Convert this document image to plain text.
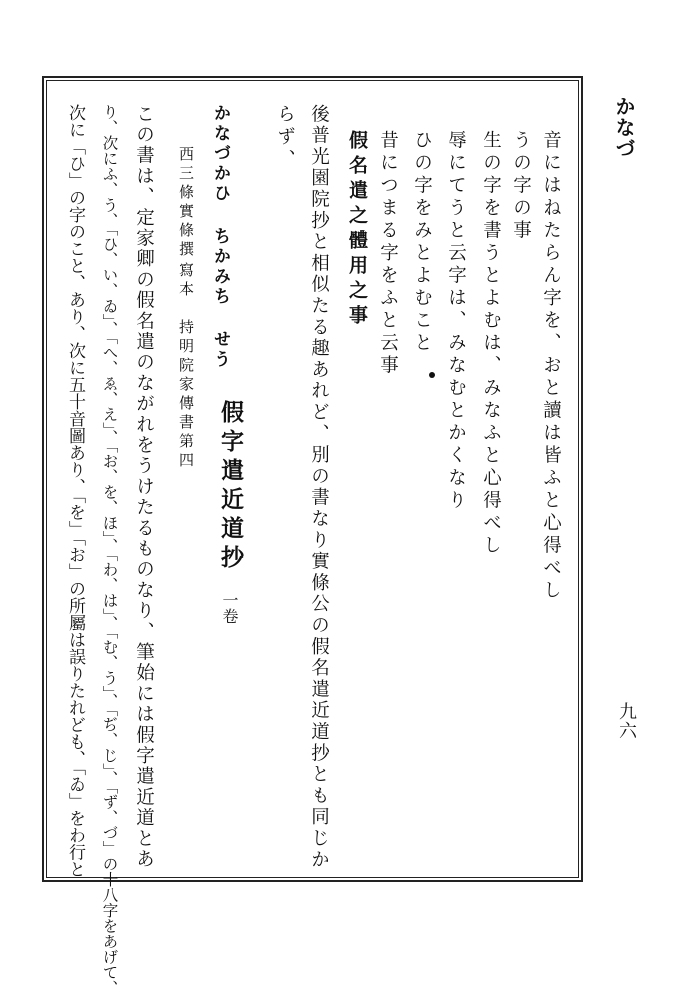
かなづ
九六
音にはねたらん字を、おと讀は皆ふと心得べし
うの字の事
生の字を書うとよむは、みなふと心得べし
辱にてうと云字は、みなむとかくなり
ひの字をみとよむこと
昔につまる字をふと云事
假名遣之體用之事
後普光園院抄と相似たる趣あれど、別の書なり實條公の假名遣近道抄とも同じか
らず、
假字遣近道抄
一卷
かなづかひ ちかみち せう
西三條實條撰
寫本　持明院家傳書第四
この書は、定家卿の假名遣のながれをうけたるものなり、筆始には假字遣近道とあ
り、次にふ、う、「ひ、い、ゐ」、「へ、ゑ、え」、「お、を、ほ」、「わ、は」、「む、う」、「ぢ、じ」、「ず、づ」の十八字をあげて、
次に「ひ」の字のこと、あり、次に五十音圖あり、「を」「お」の所屬は誤りたれども、「ゐ」をわ行と
